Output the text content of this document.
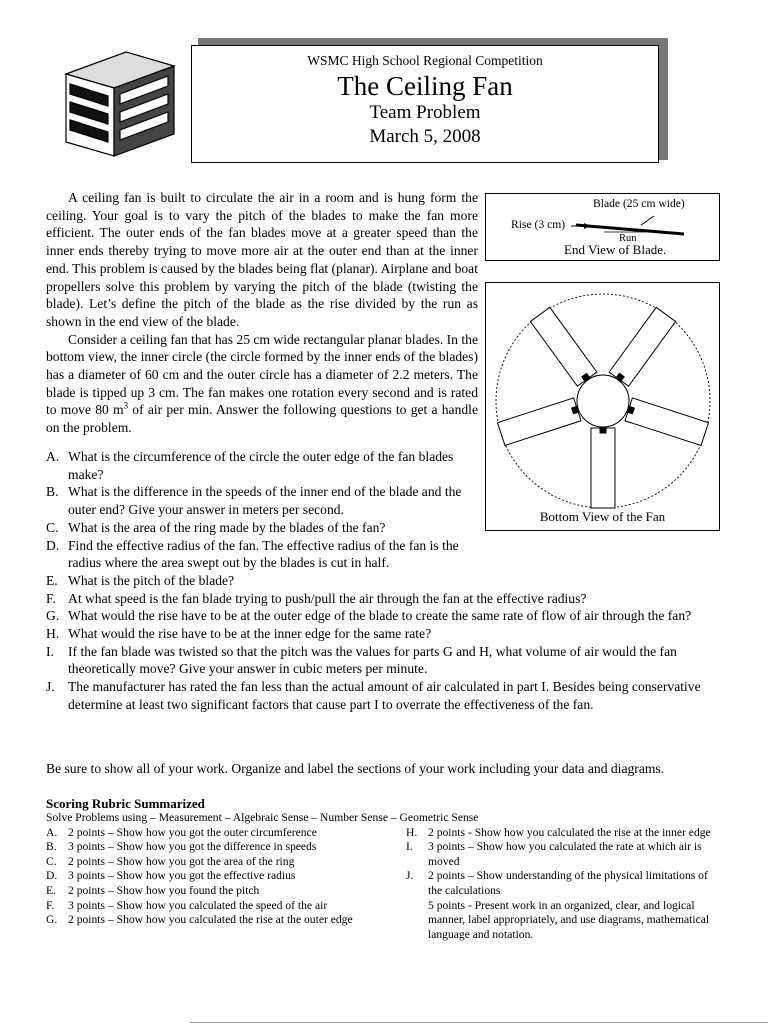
WSMC High School Regional Competition
The Ceiling Fan
Team Problem
March 5, 2008

A ceiling fan is built to circulate the air in a room and is hung form the ceiling. Your goal is to vary the pitch of the blades to make the fan more efficient. The outer ends of the fan blades move at a greater speed than the inner ends thereby trying to move more air at the outer end than at the inner end. This problem is caused by the blades being flat (planar). Airplane and boat propellers solve this problem by varying the pitch of the blade (twisting the blade). Let’s define the pitch of the blade as the rise divided by the run as shown in the end view of the blade.

Consider a ceiling fan that has 25 cm wide rectangular planar blades. In the bottom view, the inner circle (the circle formed by the inner ends of the blades) has a diameter of 60 cm and the outer circle has a diameter of 2.2 meters. The blade is tipped up 3 cm. The fan makes one rotation every second and is rated to move 80 $m^3$ of air per min. Answer the following questions to get a handle on the problem.

Blade (25 cm wide)
Rise (3 cm)
Run
End View of Blade.
Bottom View of the Fan
A. What is the circumference of the circle the outer edge of the fan blades make?
B. What is the difference in the speeds of the inner end of the blade and the outer end? Give your answer in meters per second.
C. What is the area of the ring made by the blades of the fan?
D. Find the effective radius of the fan. The effective radius of the fan is the radius where the area swept out by the blades is cut in half.
E. What is the pitch of the blade?
F. At what speed is the fan blade trying to push/pull the air through the fan at the effective radius?
G. What would the rise have to be at the outer edge of the blade to create the same rate of flow of air through the fan?
H. What would the rise have to be at the inner edge for the same rate?
I.	If the fan blade was twisted so that the pitch was the values for parts G and H, what volume of air would the fan theoretically move? Give your answer in cubic meters per minute.
J. The manufacturer has rated the fan less than the actual amount of air calculated in part I. Besides being conservative determine at least two significant factors that cause part I to overrate the effectiveness of the fan.
Be sure to show all of your work. Organize and label the sections of your work including your data and diagrams.
Scoring Rubric Summarized
Solve Problems using – Measurement – Algebraic Sense – Number Sense – Geometric Sense
A. 2 points – Show how you got the outer circumference
B. 3 points – Show how you got the difference in speeds
C. 2 points – Show how you got the area of the ring
D. 3 points – Show how you got the effective radius
E.	2 points – Show how you found the pitch
F.	3 points – Show how you calculated the speed of the air
G. 2 points – Show how you calculated the rise at the outer edge
H. 2 points - Show how you calculated the rise at the inner edge
I.	3 points – Show how you calculated the rate at which air is moved
J.	2 points – Show understanding of the physical limitations of the calculations
5 points - Present work in an organized, clear, and logical manner, label appropriately, and use diagrams, mathematical language and notation.
